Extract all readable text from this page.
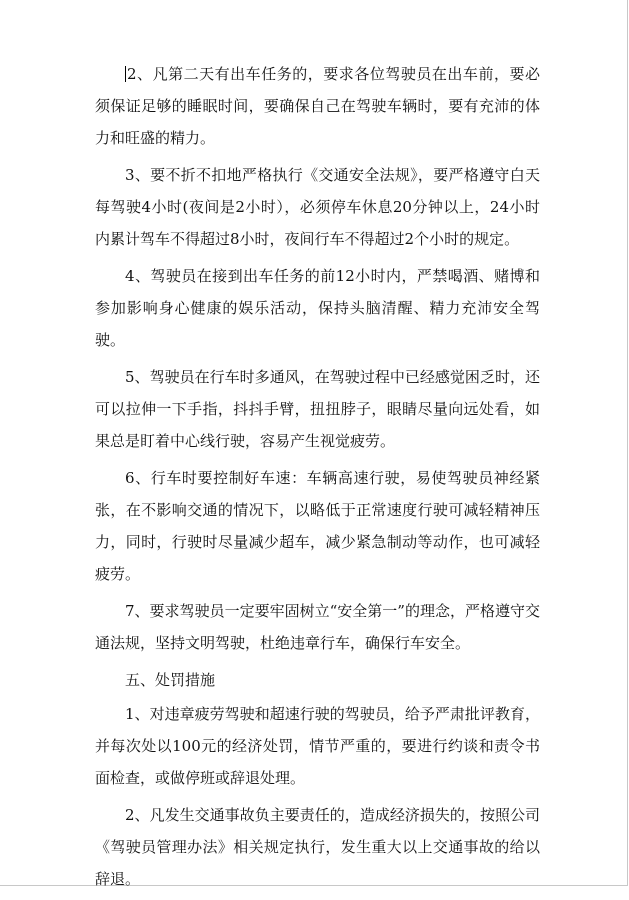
2、凡第二天有出车任务的，要求各位驾驶员在出车前，要必须保证足够的睡眠时间，要确保自己在驾驶车辆时，要有充沛的体力和旺盛的精力。

3、要不折不扣地严格执行《交通安全法规》，要严格遵守白天每驾驶4小时(夜间是2小时），必须停车休息20分钟以上，24小时内累计驾车不得超过8小时，夜间行车不得超过2个小时的规定。

4、驾驶员在接到出车任务的前12小时内，严禁喝酒、赌博和参加影响身心健康的娱乐活动，保持头脑清醒、精力充沛安全驾驶。

5、驾驶员在行车时多通风，在驾驶过程中已经感觉困乏时，还可以拉伸一下手指，抖抖手臂，扭扭脖子，眼睛尽量向远处看，如果总是盯着中心线行驶，容易产生视觉疲劳。

6、行车时要控制好车速：车辆高速行驶，易使驾驶员神经紧张，在不影响交通的情况下，以略低于正常速度行驶可减轻精神压力，同时，行驶时尽量减少超车，减少紧急制动等动作，也可减轻疲劳。

7、要求驾驶员一定要牢固树立“安全第一”的理念，严格遵守交通法规，坚持文明驾驶，杜绝违章行车，确保行车安全。

五、处罚措施

1、对违章疲劳驾驶和超速行驶的驾驶员，给予严肃批评教育，并每次处以100元的经济处罚，情节严重的，要进行约谈和责令书面检查，或做停班或辞退处理。

2、凡发生交通事故负主要责任的，造成经济损失的，按照公司《驾驶员管理办法》相关规定执行，发生重大以上交通事故的给以辞退。
